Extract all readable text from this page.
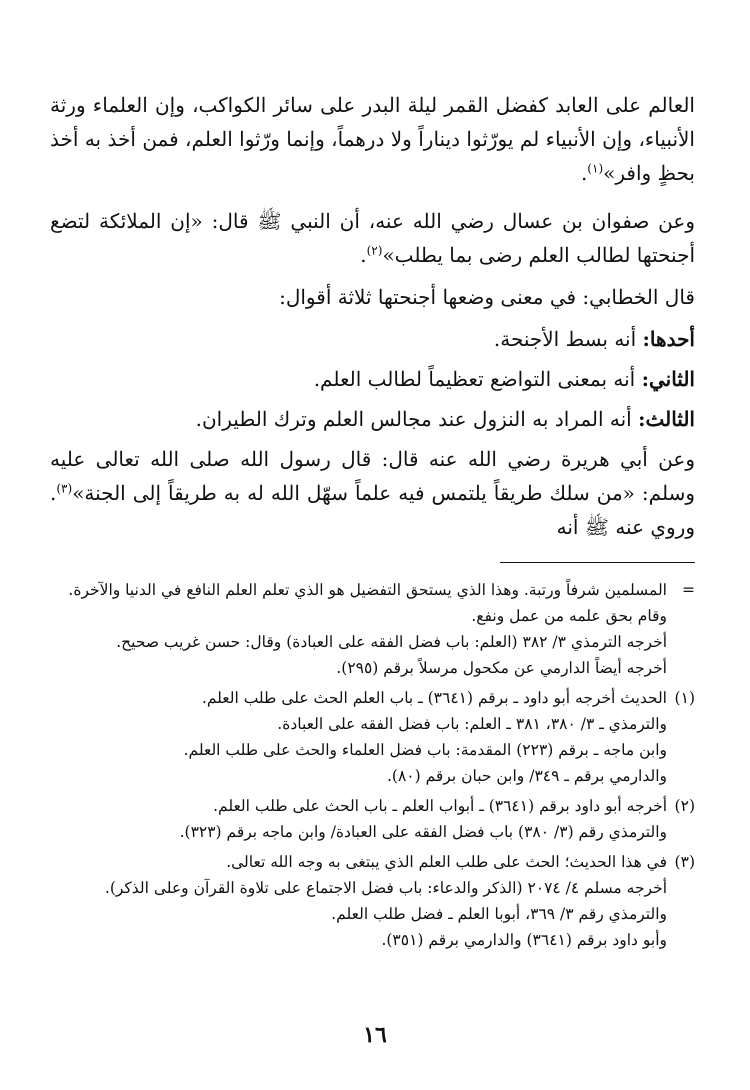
العالم على العابد كفضل القمر ليلة البدر على سائر الكواكب، وإن العلماء ورثة الأنبياء، وإن الأنبياء لم يورّثوا ديناراً ولا درهماً، وإنما ورّثوا العلم، فمن أخذ به أخذ بحظٍ وافر»$^{(١)}$.

وعن صفوان بن عسال رضي الله عنه، أن النبي ﷺ قال: «إن الملائكة لتضع أجنحتها لطالب العلم رضى بما يطلب»$^{(٢)}$.

قال الخطابي: في معنى وضعها أجنحتها ثلاثة أقوال:

أحدها: أنه بسط الأجنحة.

الثاني: أنه بمعنى التواضع تعظيماً لطالب العلم.

الثالث: أنه المراد به النزول عند مجالس العلم وترك الطيران.

وعن أبي هريرة رضي الله عنه قال: قال رسول الله صلى الله تعالى عليه وسلم: «من سلك طريقاً يلتمس فيه علماً سهّل الله له به طريقاً إلى الجنة»$^{(٣)}$. وروي عنه ﷺ أنه

=
المسلمين شرفاً ورتبة. وهذا الذي يستحق التفضيل هو الذي تعلم العلم النافع في الدنيا والآخرة.

وقام بحق علمه من عمل ونفع.

أخرجه الترمذي ٣/ ٣٨٢ (العلم: باب فضل الفقه على العبادة) وقال: حسن غريب صحيح.

أخرجه أيضاً الدارمي عن مكحول مرسلاً برقم (٢٩٥).

(١)
الحديث أخرجه أبو داود ـ برقم (٣٦٤١) ـ باب العلم الحث على طلب العلم.

والترمذي ـ ٣/ ٣٨٠، ٣٨١ ـ العلم: باب فضل الفقه على العبادة.

وابن ماجه ـ برقم (٢٢٣) المقدمة: باب فضل العلماء والحث على طلب العلم.

والدارمي برقم ـ ٣٤٩/ وابن حبان برقم (٨٠).

(٢)
أخرجه أبو داود برقم (٣٦٤١) ـ أبواب العلم ـ باب الحث على طلب العلم.

والترمذي رقم (٣/ ٣٨٠) باب فضل الفقه على العبادة/ وابن ماجه برقم (٣٢٣).

(٣)
في هذا الحديث؛ الحث على طلب العلم الذي يبتغى به وجه الله تعالى.

أخرجه مسلم ٤/ ٢٠٧٤ (الذكر والدعاء: باب فضل الاجتماع على تلاوة القرآن وعلى الذكر).

والترمذي رقم ٣/ ٣٦٩، أبوبا العلم ـ فضل طلب العلم.

وأبو داود برقم (٣٦٤١) والدارمي برقم (٣٥١).

١٦
